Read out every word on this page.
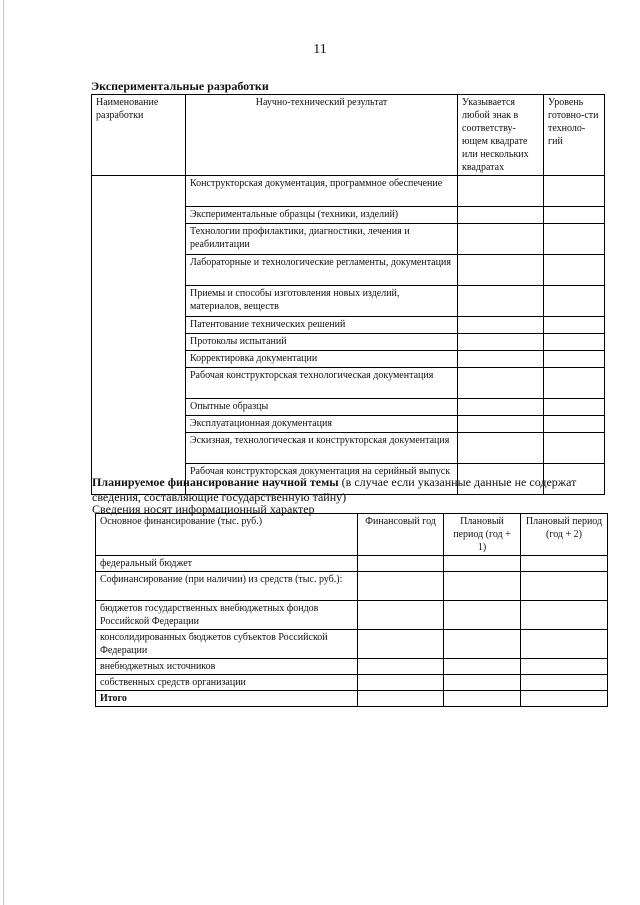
11
Экспериментальные разработки
Наименование разработки	Научно-технический результат	Указывается любой знак в соответству-ющем квадрате или нескольких квадратах	Уровень готовно-сти техноло-гий
	Конструкторская документация, программное обеспечение		
	Экспериментальные образцы (техники, изделий)		
	Технологии профилактики, диагностики, лечения и реабилитации		
	Лабораторные и технологические регламенты, документация		
	Приемы и способы изготовления новых изделий, материалов, веществ		
	Патентование технических решений		
	Протоколы испытаний		
	Корректировка документации		
	Рабочая конструкторская технологическая документация		
	Опытные образцы		
	Эксплуатационная документация		
	Эскизная, технологическая и конструкторская документация		
	Рабочая конструкторская документация на серийный выпуск		
Планируемое финансирование научной темы (в случае если указанные данные не содержат сведения, составляющие государственную тайну)
Сведения носят информационный характер
Основное финансирование (тыс. руб.)	Финансовый год	Плановый период (год + 1)	Плановый период (год + 2)
федеральный бюджет			
Софинансирование (при наличии) из средств (тыс. руб.):			
бюджетов государственных внебюджетных фондов Российской Федерации			
консолидированных бюджетов субъектов Российской Федерации			
внебюджетных источников			
собственных средств организации			
Итого			
